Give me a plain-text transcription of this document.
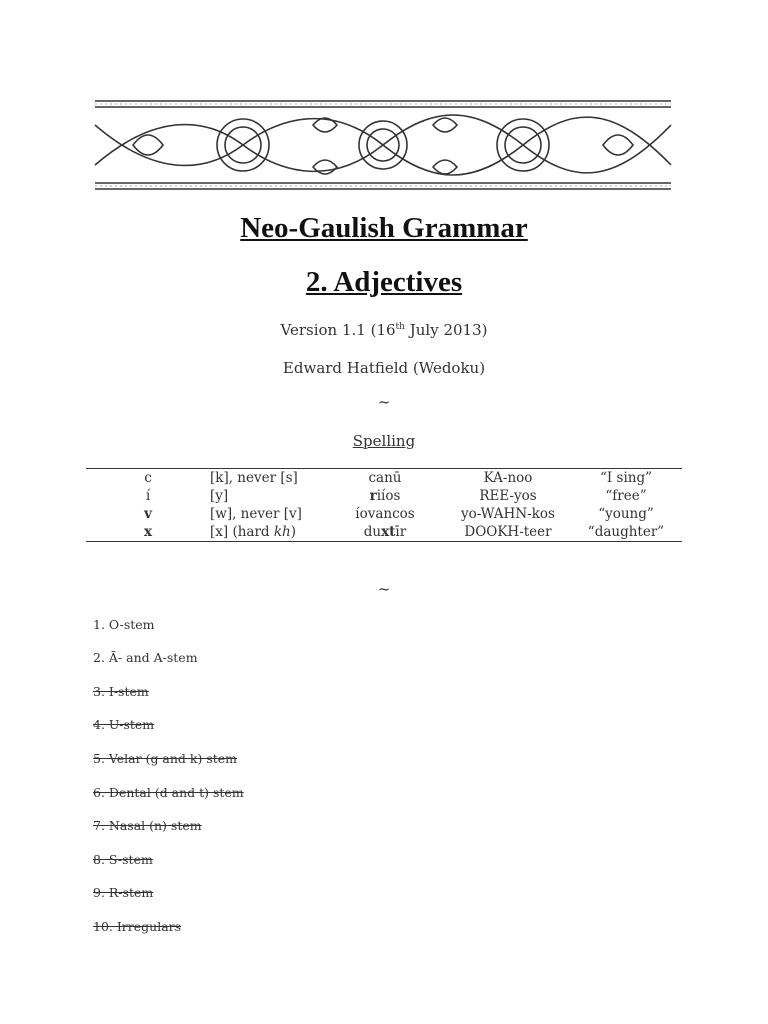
Neo-Gaulish Grammar
2. Adjectives
Version 1.1 (16th July 2013)
Edward Hatfield (Wedoku)
~
Spelling
c	[k], never [s]	canū	KA-noo	“I sing”
í	[y]	riíos	REE-yos	“free”
v	[w], never [v]	íovancos	yo-WAHN-kos	“young”
x	[x] (hard kh)	duxtīr	DOOKH-teer	“daughter”
~
1. O-stem
2. Ā- and A-stem
3. I-stem
4. U-stem
5. Velar (g and k) stem
6. Dental (d and t) stem
7. Nasal (n) stem
8. S-stem
9. R-stem
10. Irregulars
